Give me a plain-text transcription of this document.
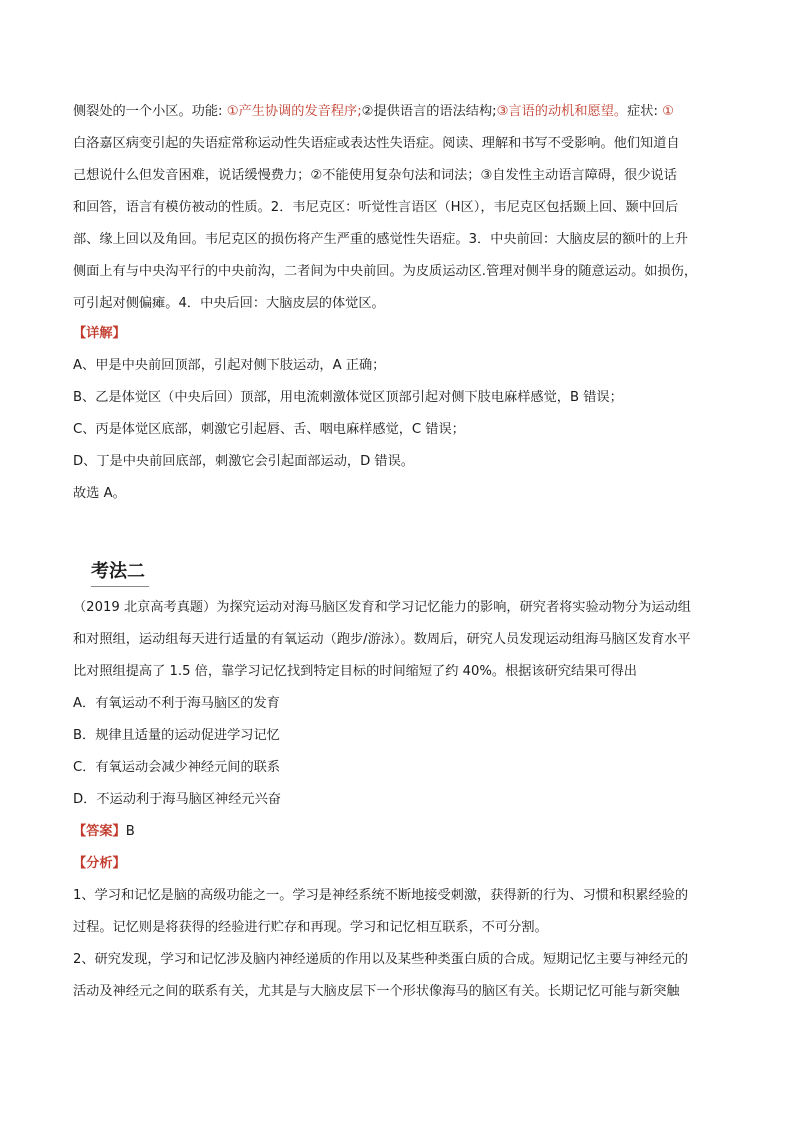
侧裂处的一个小区。功能: ①产生协调的发音程序;②提供语言的语法结构;③言语的动机和愿望。症状: ①
白洛嘉区病变引起的失语症常称运动性失语症或表达性失语症。阅读、理解和书写不受影响。他们知道自
己想说什么但发音困难，说话缓慢费力；②不能使用复杂句法和词法；③自发性主动语言障碍，很少说话
和回答，语言有模仿被动的性质。2．韦尼克区：听觉性言语区（H区），韦尼克区包括颞上回、颞中回后
部、缘上回以及角回。韦尼克区的损伤将产生严重的感觉性失语症。3．中央前回：大脑皮层的额叶的上升
侧面上有与中央沟平行的中央前沟，二者间为中央前回。为皮质运动区.管理对侧半身的随意运动。如损伤，
可引起对侧偏瘫。4．中央后回：大脑皮层的体觉区。
【详解】
A、甲是中央前回顶部，引起对侧下肢运动，A 正确；
B、乙是体觉区（中央后回）顶部，用电流刺激体觉区顶部引起对侧下肢电麻样感觉，B 错误；
C、丙是体觉区底部，刺激它引起唇、舌、咽电麻样感觉，C 错误；
D、丁是中央前回底部，刺激它会引起面部运动，D 错误。
故选 A。
考法二
（2019 北京高考真题）为探究运动对海马脑区发育和学习记忆能力的影响，研究者将实验动物分为运动组
和对照组，运动组每天进行适量的有氧运动（跑步/游泳）。数周后，研究人员发现运动组海马脑区发育水平
比对照组提高了 1.5 倍，靠学习记忆找到特定目标的时间缩短了约 40%。根据该研究结果可得出
A．有氧运动不利于海马脑区的发育
B．规律且适量的运动促进学习记忆
C．有氧运动会减少神经元间的联系
D．不运动利于海马脑区神经元兴奋
【答案】B
【分析】
1、学习和记忆是脑的高级功能之一。学习是神经系统不断地接受刺激，获得新的行为、习惯和积累经验的
过程。记忆则是将获得的经验进行贮存和再现。学习和记忆相互联系，不可分割。
2、研究发现，学习和记忆涉及脑内神经递质的作用以及某些种类蛋白质的合成。短期记忆主要与神经元的
活动及神经元之间的联系有关，尤其是与大脑皮层下一个形状像海马的脑区有关。长期记忆可能与新突触
